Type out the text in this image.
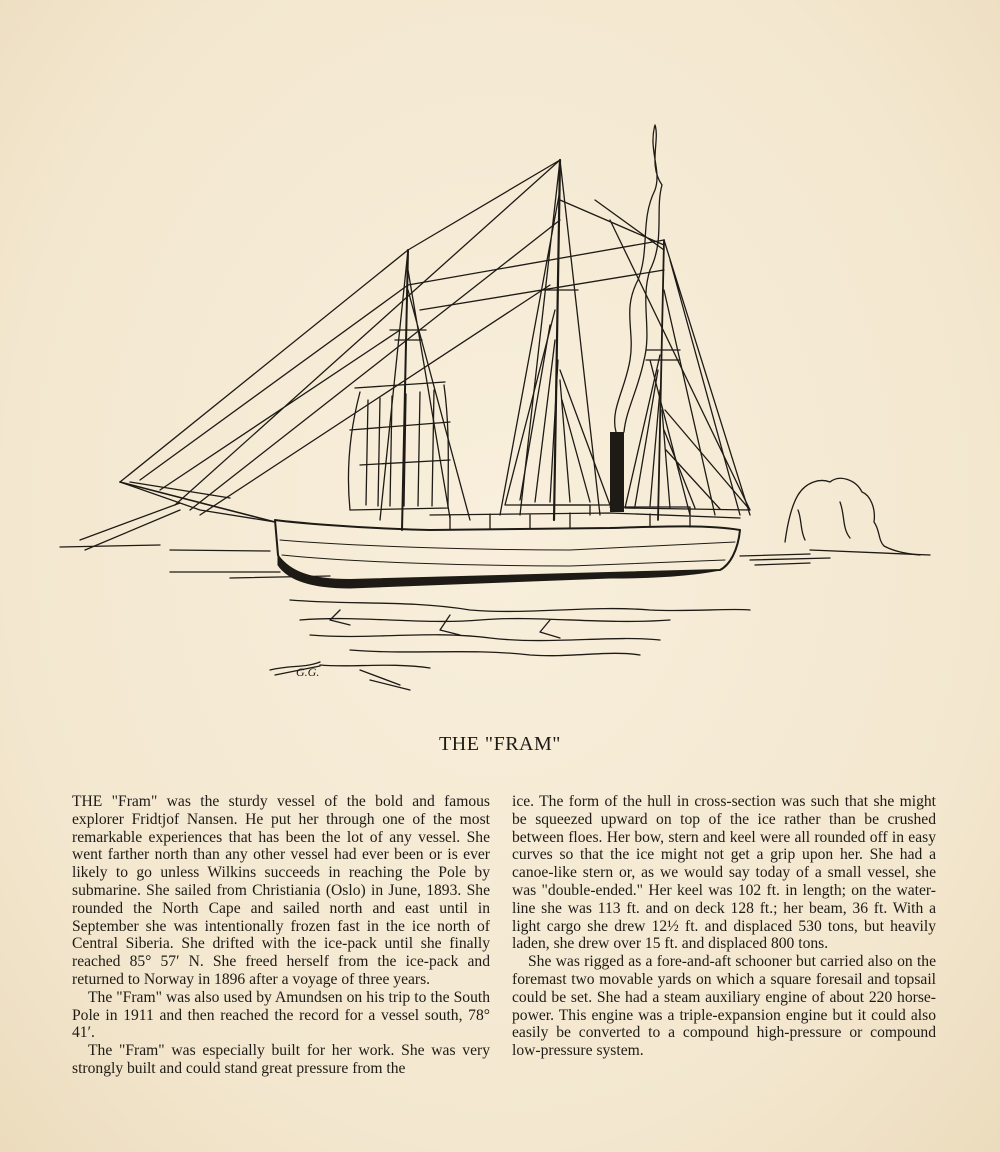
G.G.
THE "FRAM"

THE "Fram" was the sturdy vessel of the bold and famous explorer Fridtjof Nansen. He put her through one of the most remarkable experiences that has been the lot of any vessel. She went farther north than any other vessel had ever been or is ever likely to go unless Wilkins succeeds in reaching the Pole by submarine. She sailed from Christiania (Oslo) in June, 1893. She rounded the North Cape and sailed north and east until in September she was intentionally frozen fast in the ice north of Central Siberia. She drifted with the ice-pack until she finally reached 85° 57′ N. She freed herself from the ice-pack and returned to Norway in 1896 after a voyage of three years.

The "Fram" was also used by Amundsen on his trip to the South Pole in 1911 and then reached the record for a vessel south, 78° 41′.

The "Fram" was especially built for her work. She was very strongly built and could stand great pressure from the

ice. The form of the hull in cross-section was such that she might be squeezed upward on top of the ice rather than be crushed between floes. Her bow, stern and keel were all rounded off in easy curves so that the ice might not get a grip upon her. She had a canoe-like stern or, as we would say today of a small vessel, she was "double-ended." Her keel was 102 ft. in length; on the water-line she was 113 ft. and on deck 128 ft.; her beam, 36 ft. With a light cargo she drew 12½ ft. and displaced 530 tons, but heavily laden, she drew over 15 ft. and displaced 800 tons.

She was rigged as a fore-and-aft schooner but carried also on the foremast two movable yards on which a square foresail and topsail could be set. She had a steam auxiliary engine of about 220 horse-power. This engine was a triple-expansion engine but it could also easily be converted to a compound high-pressure or compound low-pressure system.
